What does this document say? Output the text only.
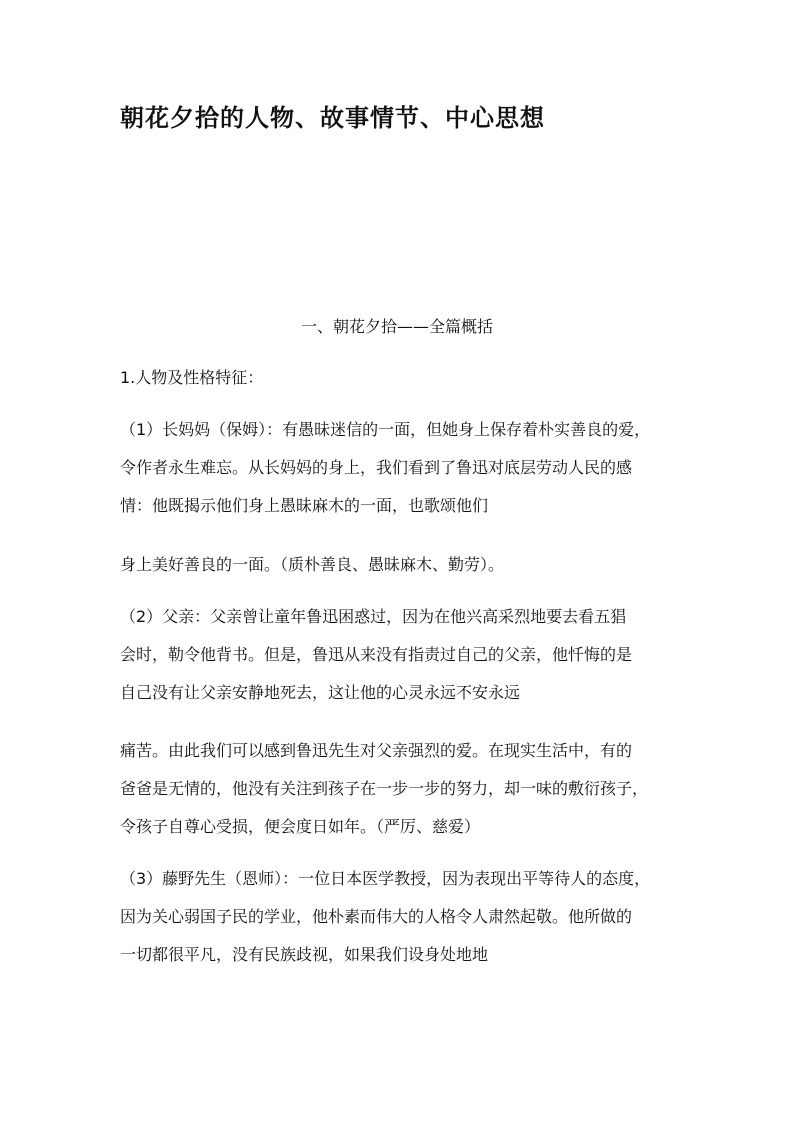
朝花夕拾的人物、故事情节、中心思想
一、朝花夕拾——全篇概括
1.人物及性格特征：
（1）长妈妈（保姆）：有愚昧迷信的一面，但她身上保存着朴实善良的爱，
令作者永生难忘。从长妈妈的身上，我们看到了鲁迅对底层劳动人民的感
情：他既揭示他们身上愚昧麻木的一面，也歌颂他们
身上美好善良的一面。（质朴善良、愚昧麻木、勤劳）。
（2）父亲：父亲曾让童年鲁迅困惑过，因为在他兴高采烈地要去看五猖
会时，勒令他背书。但是，鲁迅从来没有指责过自己的父亲，他忏悔的是
自己没有让父亲安静地死去，这让他的心灵永远不安永远
痛苦。由此我们可以感到鲁迅先生对父亲强烈的爱。在现实生活中，有的
爸爸是无情的，他没有关注到孩子在一步一步的努力，却一味的敷衍孩子，
令孩子自尊心受损，便会度日如年。（严厉、慈爱）
（3）藤野先生（恩师）：一位日本医学教授，因为表现出平等待人的态度，
因为关心弱国子民的学业，他朴素而伟大的人格令人肃然起敬。他所做的
一切都很平凡，没有民族歧视，如果我们设身处地地
